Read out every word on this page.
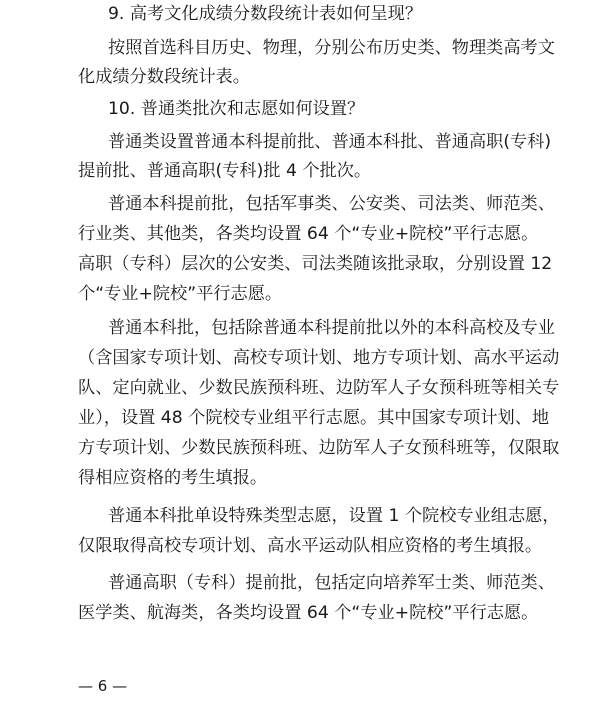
9. 高考文化成绩分数段统计表如何呈现？
按照首选科目历史、物理，分别公布历史类、物理类高考文
化成绩分数段统计表。
10. 普通类批次和志愿如何设置？
普通类设置普通本科提前批、普通本科批、普通高职(专科)
提前批、普通高职(专科)批 4 个批次。
普通本科提前批，包括军事类、公安类、司法类、师范类、
行业类、其他类，各类均设置 64 个“专业+院校”平行志愿。
高职（专科）层次的公安类、司法类随该批录取，分别设置 12
个“专业+院校”平行志愿。
普通本科批，包括除普通本科提前批以外的本科高校及专业
（含国家专项计划、高校专项计划、地方专项计划、高水平运动
队、定向就业、少数民族预科班、边防军人子女预科班等相关专
业），设置 48 个院校专业组平行志愿。其中国家专项计划、地
方专项计划、少数民族预科班、边防军人子女预科班等，仅限取
得相应资格的考生填报。
普通本科批单设特殊类型志愿，设置 1 个院校专业组志愿，
仅限取得高校专项计划、高水平运动队相应资格的考生填报。
普通高职（专科）提前批，包括定向培养军士类、师范类、
医学类、航海类，各类均设置 64 个“专业+院校”平行志愿。
— 6 —
